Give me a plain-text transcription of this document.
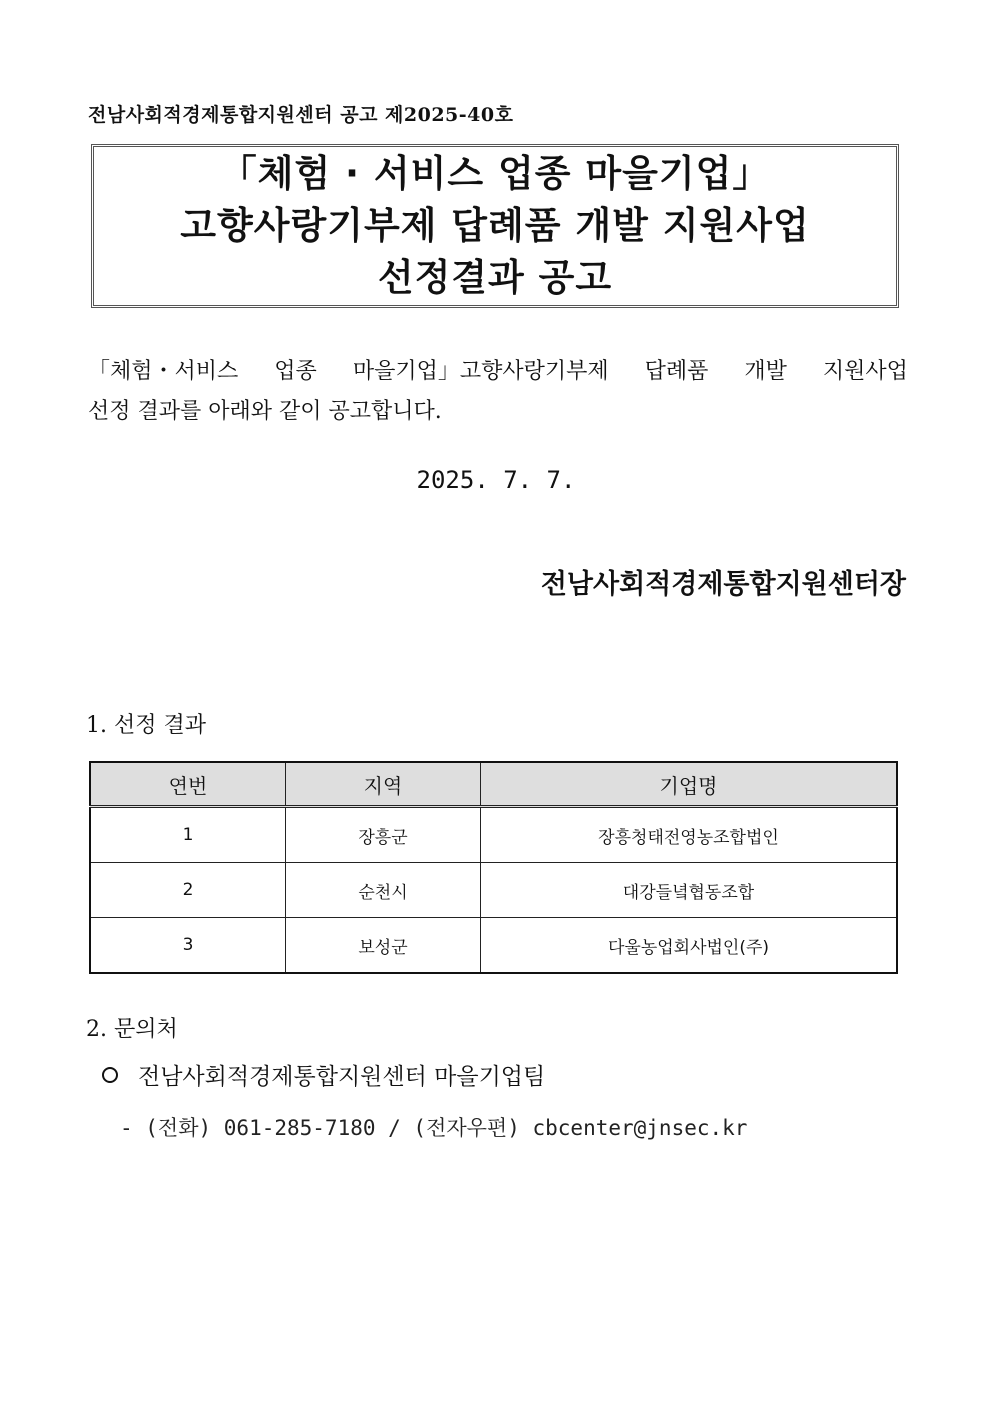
전남사회적경제통합지원센터 공고 제2025-40호
「체험 · 서비스 업종 마을기업」
고향사랑기부제 답례품 개발 지원사업
선정결과 공고
「체험・서비스 업종 마을기업」고향사랑기부제 답례품 개발 지원사업
선정 결과를 아래와 같이 공고합니다.
2025. 7. 7.
전남사회적경제통합지원센터장
1. 선정 결과
연번	지역	기업명
1	장흥군	장흥청태전영농조합법인
2	순천시	대강들녘협동조합
3	보성군	다울농업회사법인(주)
2. 문의처
전남사회적경제통합지원센터 마을기업팀
- (전화) 061-285-7180 / (전자우편) cbcenter@jnsec.kr
